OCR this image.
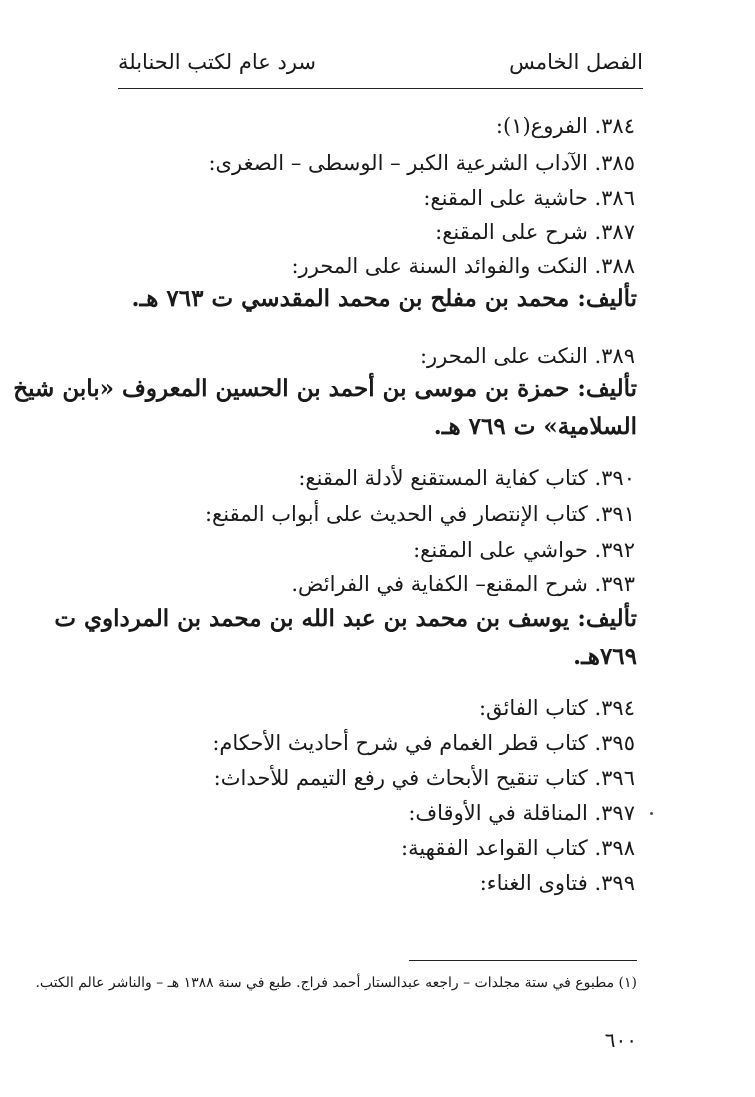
الفصل الخامس
سرد عام لكتب الحنابلة
٣٨٤. الفروع(١):
٣٨٥. الآداب الشرعية الكبر – الوسطى – الصغرى:
٣٨٦. حاشية على المقنع:
٣٨٧. شرح على المقنع:
٣٨٨. النكت والفوائد السنة على المحرر:
تأليف: محمد بن مفلح بن محمد المقدسي ت ٧٦٣ هـ.
٣٨٩. النكت على المحرر:
تأليف: حمزة بن موسى بن أحمد بن الحسين المعروف «بابن شيخ
السلامية» ت ٧٦٩ هـ.
٣٩٠. كتاب كفاية المستقنع لأدلة المقنع:
٣٩١. كتاب الإنتصار في الحديث على أبواب المقنع:
٣٩٢. حواشي على المقنع:
٣٩٣. شرح المقنع– الكفاية في الفرائض.
تأليف: يوسف بن محمد بن عبد الله بن محمد بن المرداوي ت
٧٦٩هـ.
٣٩٤. كتاب الفائق:
٣٩٥. كتاب قطر الغمام في شرح أحاديث الأحكام:
٣٩٦. كتاب تنقيح الأبحاث في رفع التيمم للأحداث:
٣٩٧. المناقلة في الأوقاف:
٣٩٨. كتاب القواعد الفقهية:
٣٩٩. فتاوى الغناء:
(١) مطبوع في ستة مجلدات – راجعه عبدالستار أحمد فراج. طبع في سنة ١٣٨٨ هـ – والناشر عالم الكتب.
٦٠٠
